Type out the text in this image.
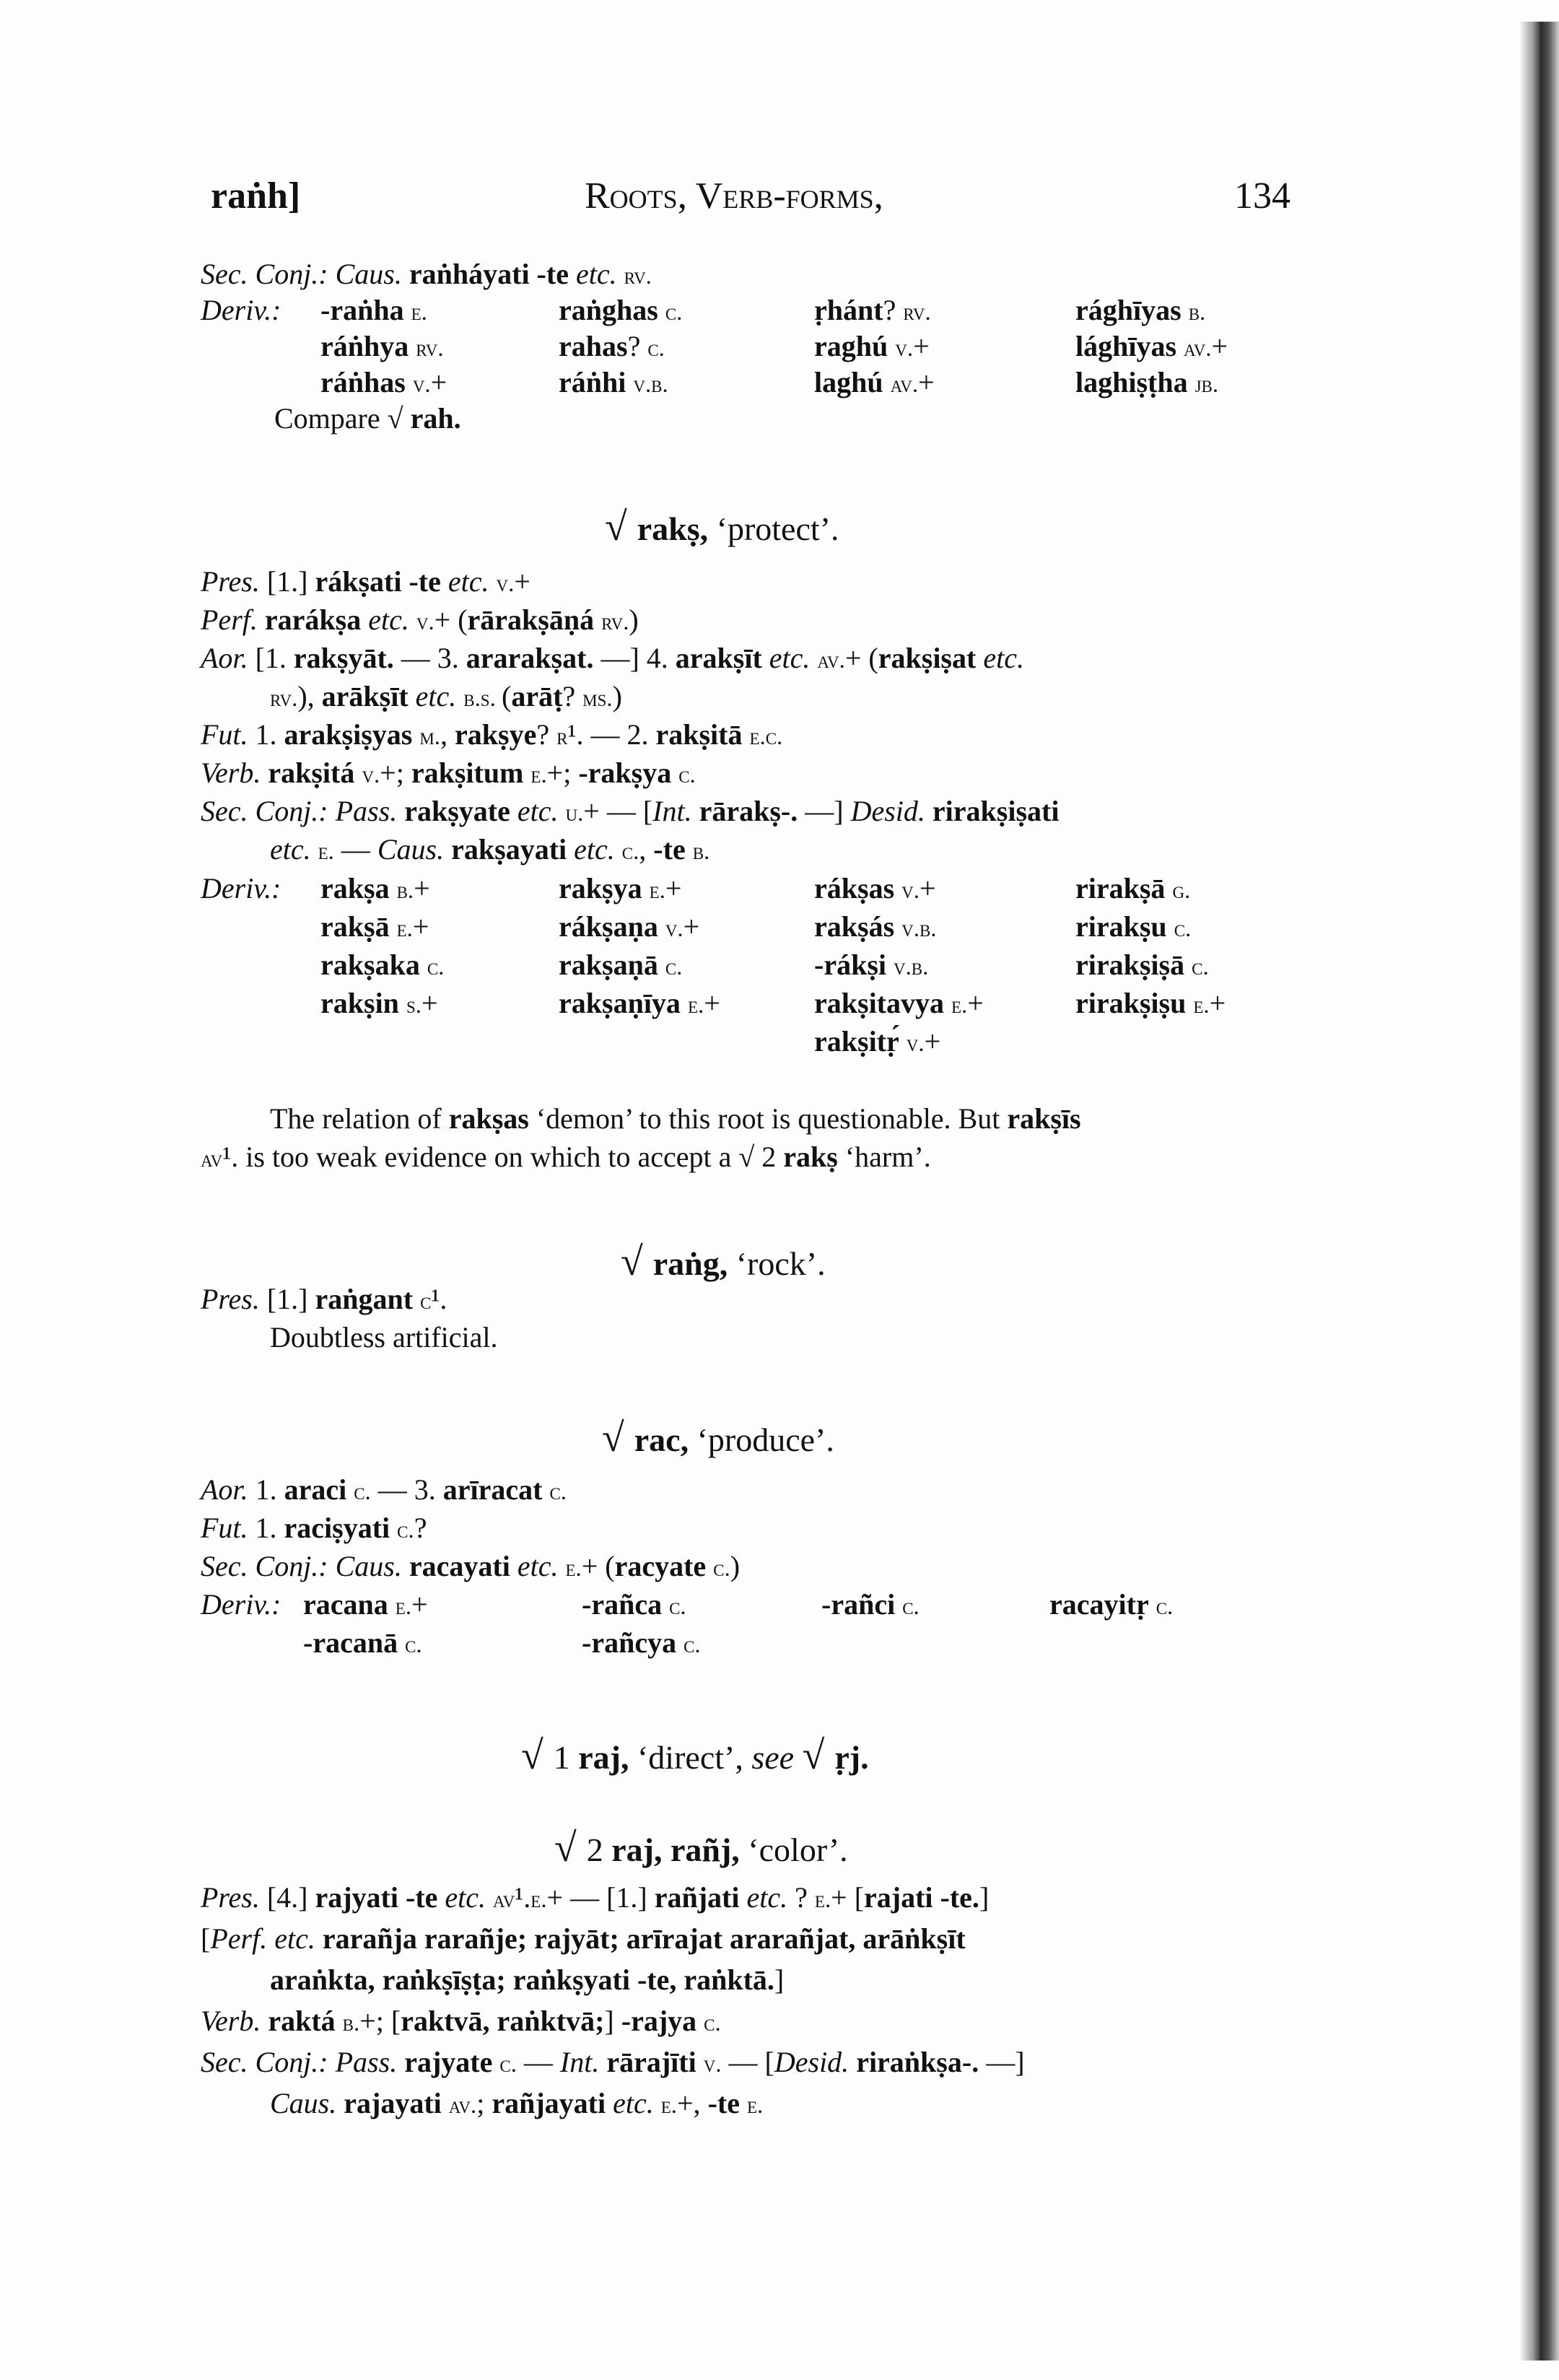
raṅh]	Roots, Verb-forms,	134
Sec. Conj.: Caus. raṅháyati -te etc. rv.
Deriv.: -raṅha e.	raṅghas c.	ṛhánt? rv.	rághīyas b.
ráṅhya rv.	rahas? c.	raghú v.+	lághīyas av.+
ráṅhas v.+	ráṅhi v.b.	laghú av.+	laghiṣṭha jb.
Compare √ rah.
√ rakṣ, ‘protect’.
Pres. [1.] rákṣati -te etc. v.+
Perf. rarákṣa etc. v.+ (rārakṣāṇá rv.)
Aor. [1. rakṣyāt. — 3. ararakṣat. —] 4. arakṣīt etc. av.+ (rakṣiṣat etc.
rv.), arākṣīt etc. b.s. (arāṭ? ms.)
Fut. 1. arakṣiṣyas m., rakṣye? r¹. — 2. rakṣitā e.c.
Verb. rakṣitá v.+; rakṣitum e.+; -rakṣya c.
Sec. Conj.: Pass. rakṣyate etc. u.+ — [Int. rārakṣ-. —] Desid. rirakṣiṣati
etc. e. — Caus. rakṣayati etc. c., -te b.
Deriv.: rakṣa b.+	rakṣya e.+	rákṣas v.+	rirakṣā g.
rakṣā e.+	rákṣaṇa v.+	rakṣás v.b.	rirakṣu c.
rakṣaka c.	rakṣaṇā c.	-rákṣi v.b.	rirakṣiṣā c.
rakṣin s.+	rakṣaṇīya e.+	rakṣitavya e.+	rirakṣiṣu e.+
rakṣitṛ́ v.+
The relation of rakṣas ‘demon’ to this root is questionable. But rakṣīs
av¹. is too weak evidence on which to accept a √ 2 rakṣ ‘harm’.
√ raṅg, ‘rock’.
Pres. [1.] raṅgant c¹.
Doubtless artificial.
√ rac, ‘produce’.
Aor. 1. araci c. — 3. arīracat c.
Fut. 1. raciṣyati c.?
Sec. Conj.: Caus. racayati etc. e.+ (racyate c.)
Deriv.: racana e.+	-rañca c.	-rañci c.	racayitṛ c.
-racanā c.	-rañcya c.
√ 1 raj, ‘direct’, see √ ṛj.
√ 2 raj, rañj, ‘color’.
Pres. [4.] rajyati -te etc. av¹.e.+ — [1.] rañjati etc. ? e.+ [rajati -te.]
[Perf. etc. rarañja rarañje; rajyāt; arīrajat ararañjat, arāṅkṣīt
araṅkta, raṅkṣīṣṭa; raṅkṣyati -te, raṅktā.]
Verb. raktá b.+; [raktvā, raṅktvā;] -rajya c.
Sec. Conj.: Pass. rajyate c. — Int. rārajīti v. — [Desid. riraṅkṣa-. —]
Caus. rajayati av.; rañjayati etc. e.+, -te e.
